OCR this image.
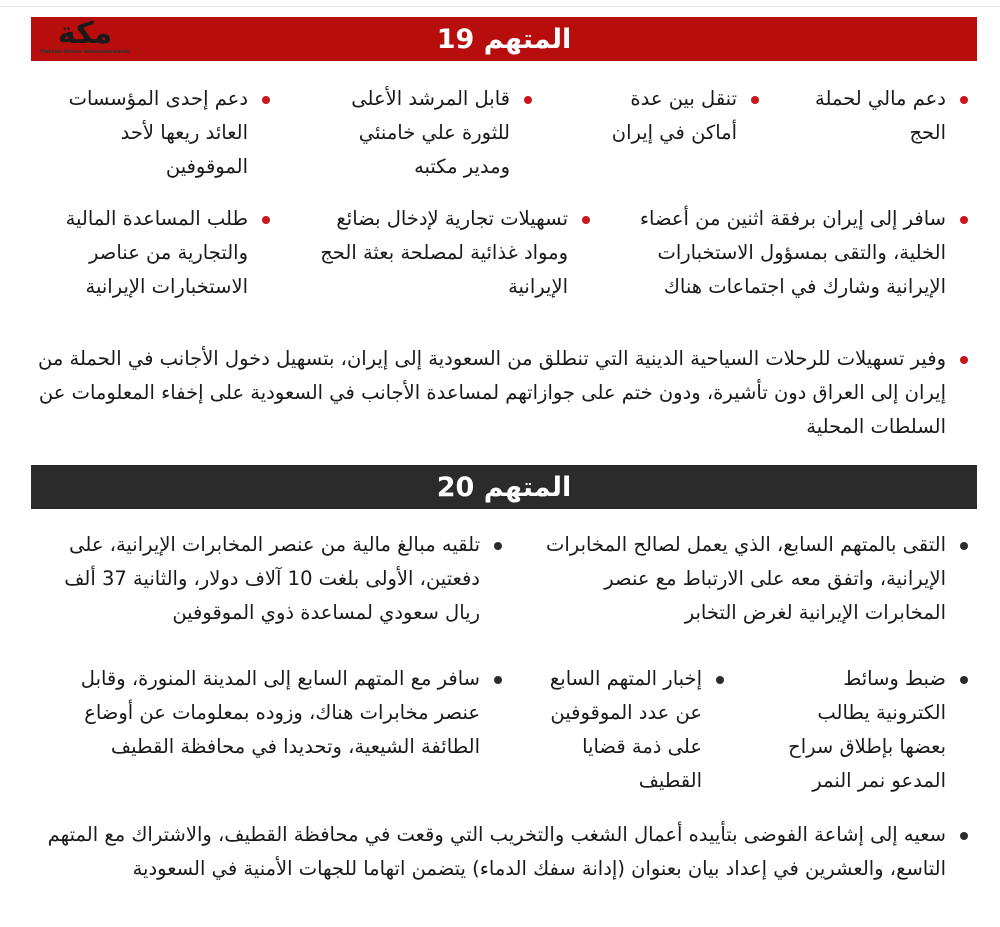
مكة
Makkah Alnoor almoonawwarah	المتهم 19
دعم مالي لحملة الحج
تنقل بين عدة أماكن في إيران
قابل المرشد الأعلى للثورة علي خامنئي ومدير مكتبه
دعم إحدى المؤسسات العائد ريعها لأحد الموقوفين
سافر إلى إيران برفقة اثنين من أعضاء الخلية، والتقى بمسؤول الاستخبارات الإيرانية وشارك في اجتماعات هناك
تسهيلات تجارية لإدخال بضائع ومواد غذائية لمصلحة بعثة الحج الإيرانية
طلب المساعدة المالية والتجارية من عناصر الاستخبارات الإيرانية
وفير تسهيلات للرحلات السياحية الدينية التي تنطلق من السعودية إلى إيران، بتسهيل دخول الأجانب في الحملة من إيران إلى العراق دون تأشيرة، ودون ختم على جوازاتهم لمساعدة الأجانب في السعودية على إخفاء المعلومات عن السلطات المحلية
المتهم 20
التقى بالمتهم السابع، الذي يعمل لصالح المخابرات الإيرانية، واتفق معه على الارتباط مع عنصر المخابرات الإيرانية لغرض التخابر
تلقيه مبالغ مالية من عنصر المخابرات الإيرانية، على دفعتين، الأولى بلغت 10 آلاف دولار، والثانية 37 ألف ريال سعودي لمساعدة ذوي الموقوفين
ضبط وسائط الكترونية يطالب بعضها بإطلاق سراح المدعو نمر النمر
إخبار المتهم السابع عن عدد الموقوفين على ذمة قضايا القطيف
سافر مع المتهم السابع إلى المدينة المنورة، وقابل عنصر مخابرات هناك، وزوده بمعلومات عن أوضاع الطائفة الشيعية، وتحديدا في محافظة القطيف
سعيه إلى إشاعة الفوضى بتأييده أعمال الشغب والتخريب التي وقعت في محافظة القطيف، والاشتراك مع المتهم التاسع، والعشرين في إعداد بيان بعنوان (إدانة سفك الدماء) يتضمن اتهاما للجهات الأمنية في السعودية
